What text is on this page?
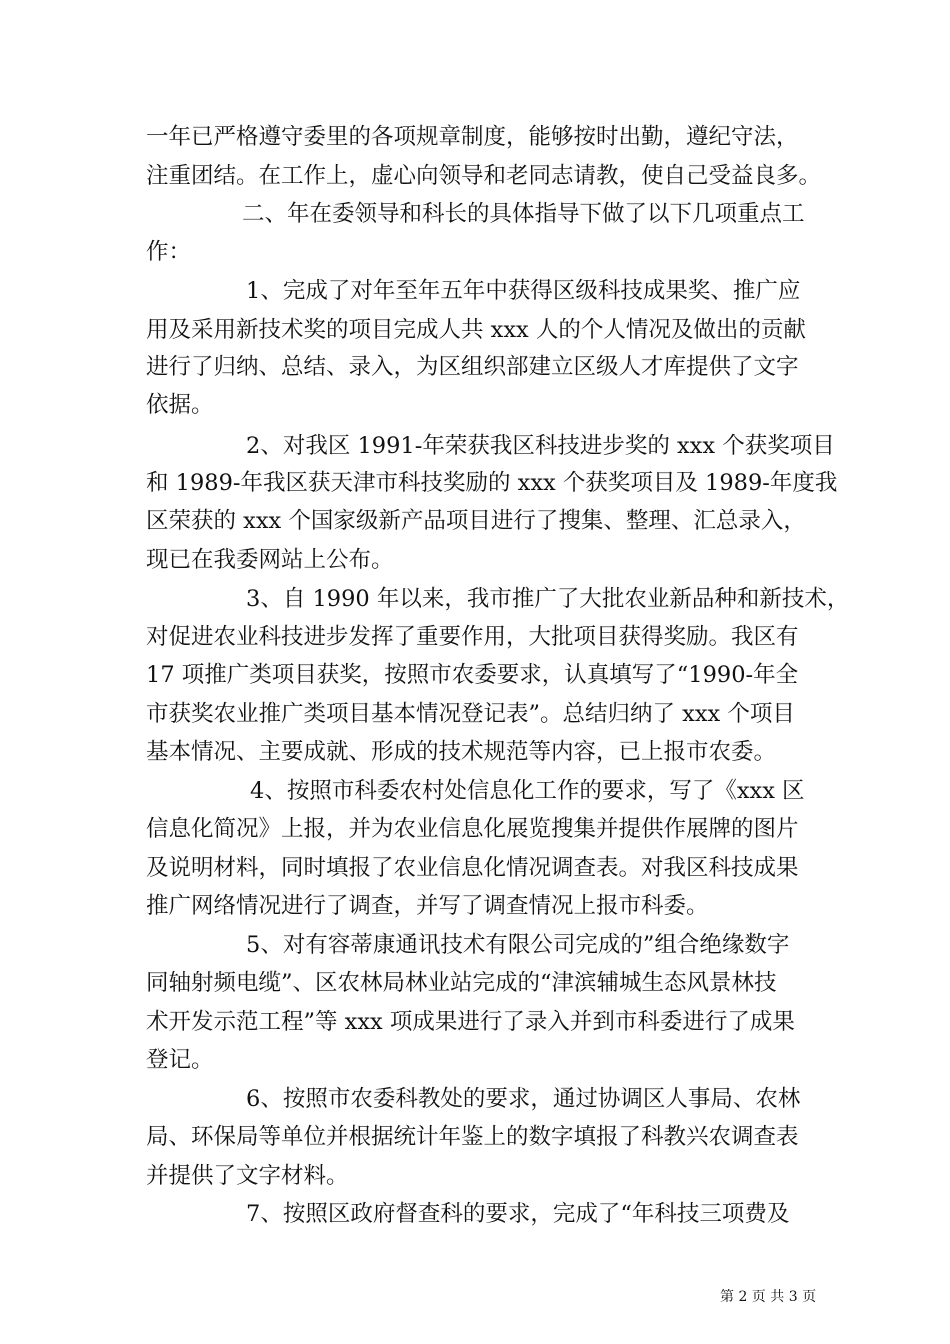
一年已严格遵守委里的各项规章制度，能够按时出勤，遵纪守法，
注重团结。在工作上，虚心向领导和老同志请教，使自己受益良多。
二、年在委领导和科长的具体指导下做了以下几项重点工
作：
1、完成了对年至年五年中获得区级科技成果奖、推广应
用及采用新技术奖的项目完成人共 xxx 人的个人情况及做出的贡献
进行了归纳、总结、录入，为区组织部建立区级人才库提供了文字
依据。
2、对我区 1991-年荣获我区科技进步奖的 xxx 个获奖项目
和 1989-年我区获天津市科技奖励的 xxx 个获奖项目及 1989-年度我
区荣获的 xxx 个国家级新产品项目进行了搜集、整理、汇总录入，
现已在我委网站上公布。
3、自 1990 年以来，我市推广了大批农业新品种和新技术，
对促进农业科技进步发挥了重要作用，大批项目获得奖励。我区有
17 项推广类项目获奖，按照市农委要求，认真填写了“1990-年全
市获奖农业推广类项目基本情况登记表”。总结归纳了 xxx 个项目
基本情况、主要成就、形成的技术规范等内容，已上报市农委。
4、按照市科委农村处信息化工作的要求，写了《xxx 区
信息化简况》上报，并为农业信息化展览搜集并提供作展牌的图片
及说明材料，同时填报了农业信息化情况调查表。对我区科技成果
推广网络情况进行了调查，并写了调查情况上报市科委。
5、对有容蒂康通讯技术有限公司完成的”组合绝缘数字
同轴射频电缆”、区农林局林业站完成的“津滨辅城生态风景林技
术开发示范工程”等 xxx 项成果进行了录入并到市科委进行了成果
登记。
6、按照市农委科教处的要求，通过协调区人事局、农林
局、环保局等单位并根据统计年鉴上的数字填报了科教兴农调查表
并提供了文字材料。
7、按照区政府督查科的要求，完成了“年科技三项费及
第 2 页 共 3 页
